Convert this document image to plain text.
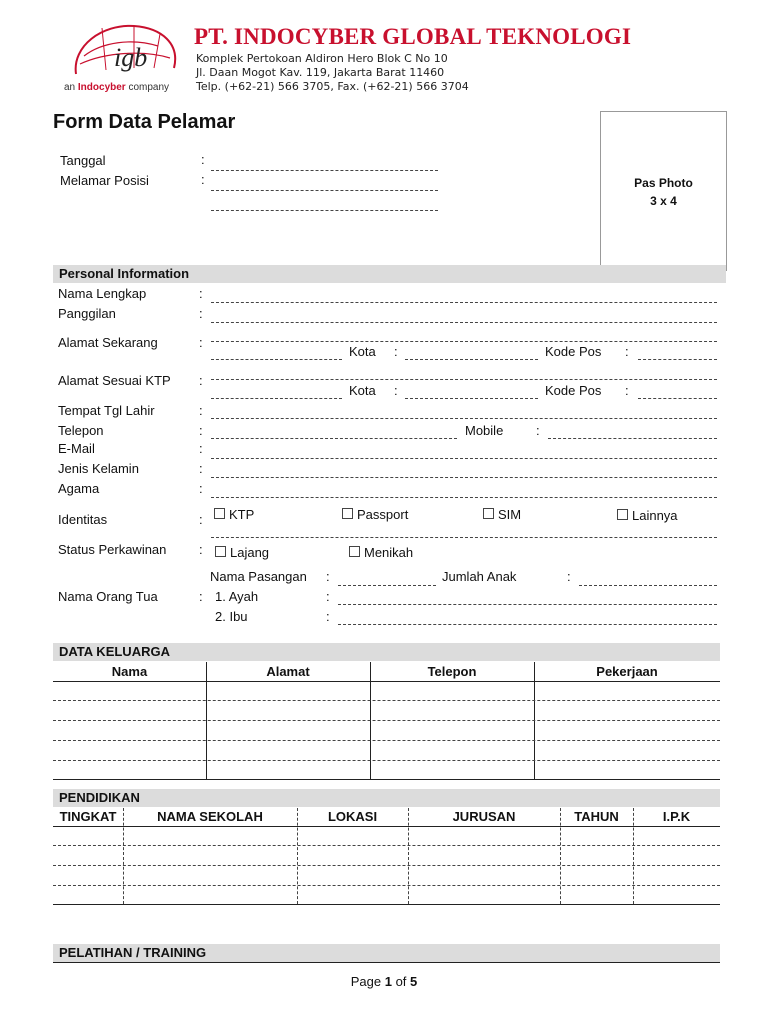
igb
an Indocyber company
PT. INDOCYBER GLOBAL TEKNOLOGI
Komplek Pertokoan Aldiron Hero Blok C No 10
Jl. Daan Mogot Kav. 119, Jakarta Barat 11460
Telp. (+62-21) 566 3705, Fax. (+62-21) 566 3704
Form Data Pelamar
Pas Photo
3 x 4
Tanggal	:
Melamar Posisi	:
Personal Information
Nama Lengkap	:
Panggilan	:
Alamat Sekarang	:
Kota :	Kode Pos :
Alamat Sesuai KTP :
Kota :	Kode Pos :
Tempat Tgl Lahir	:
Telepon	:	Mobile	:
E-Mail	:
Jenis Kelamin	:
Agama	:
Identitas	:	KTP	Passport	SIM	Lainnya
Status Perkawinan	:	Lajang	Menikah
Nama Pasangan :	Jumlah Anak	:
Nama Orang Tua	: 1. Ayah	:
2. Ibu	:
DATA KELUARGA
Nama	Alamat	Telepon	Pekerjaan
PENDIDIKAN
TINGKAT	NAMA SEKOLAH	LOKASI	JURUSAN	TAHUN	I.P.K
PELATIHAN / TRAINING
Page 1 of 5
